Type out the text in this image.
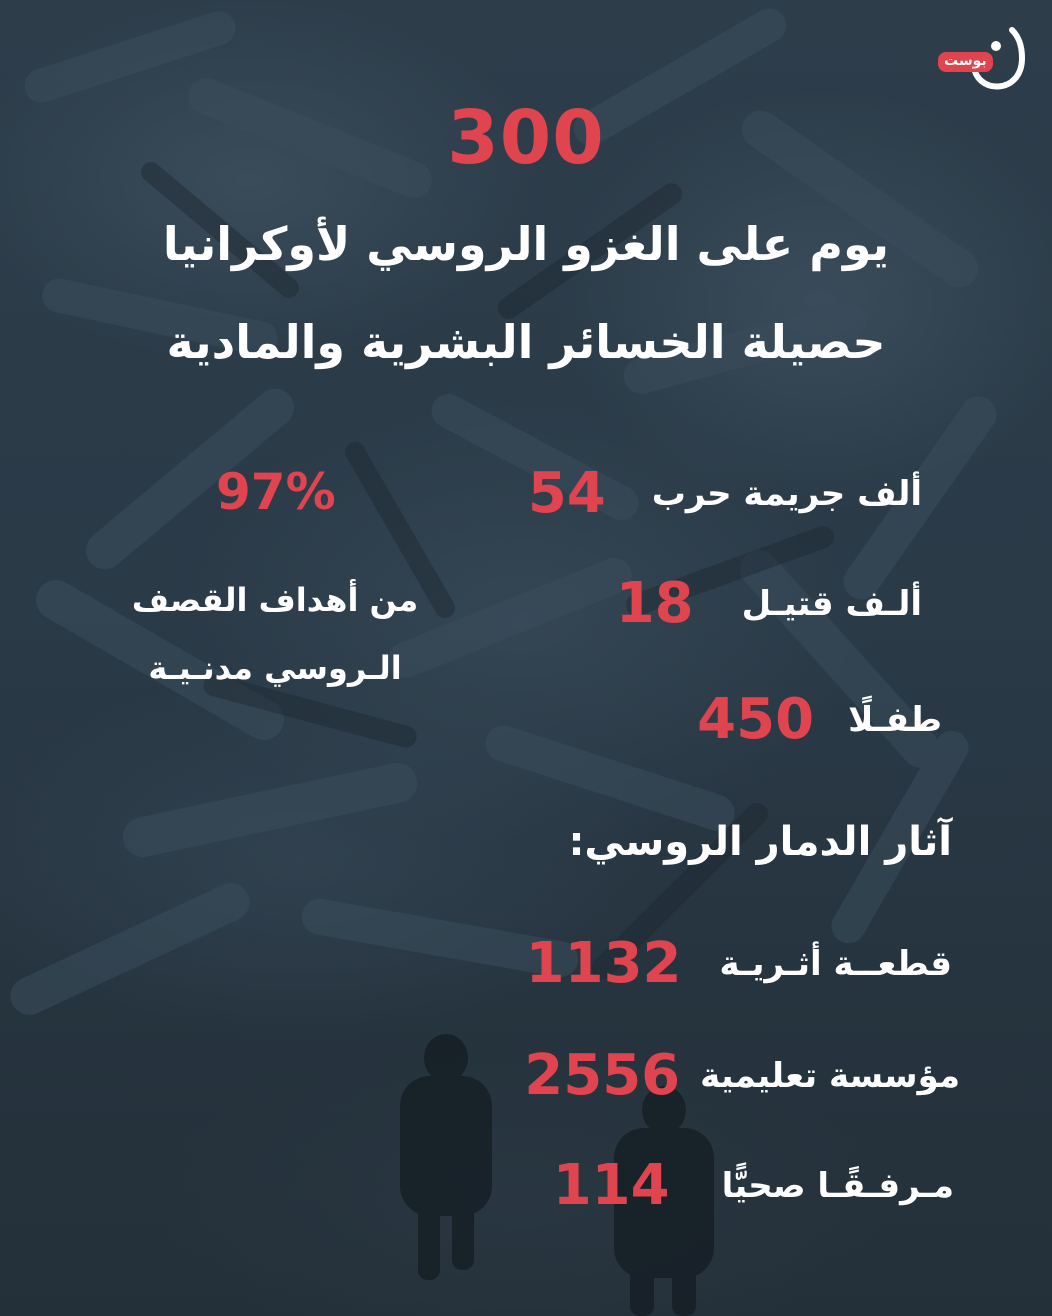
بوست
300
يوم على الغزو الروسي لأوكرانيا
حصيلة الخسائر البشرية والمادية
54 ألف جريمة حرب
18 ألـف قتيـل
450 طفـلًا
97%
من أهداف القصف
الـروسي مدنـيـة
آثار الدمار الروسي:
1132 قطعــة أثـريـة
2556 مؤسسة تعليمية
114 مـرفـقًـا صحيًّا
